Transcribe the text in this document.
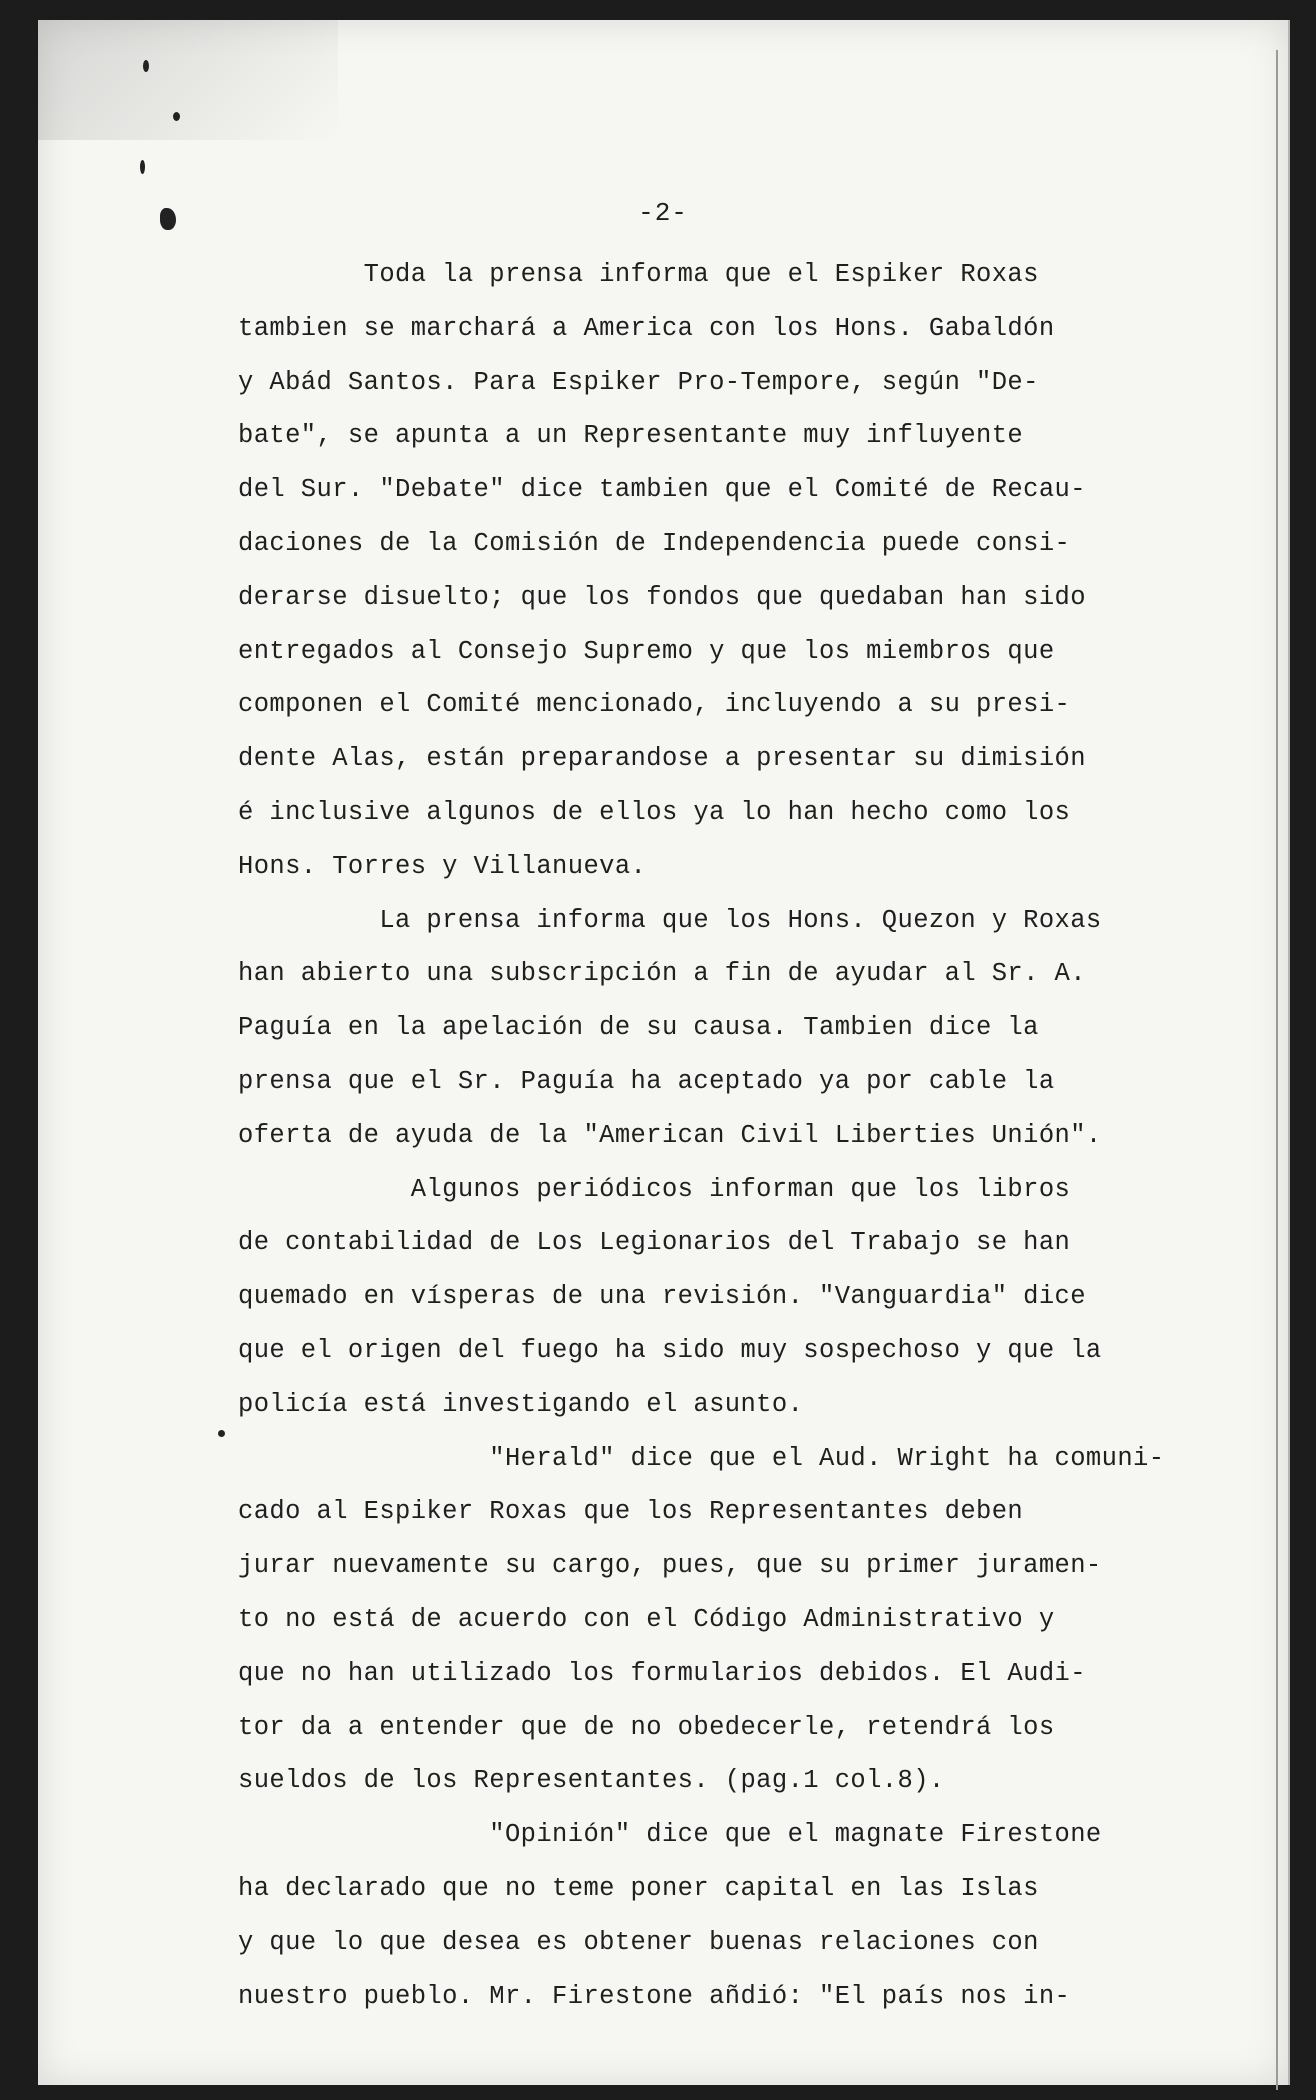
-2-
Toda la prensa informa que el Espiker Roxas
tambien se marchará a America con los Hons. Gabaldón
y Abád Santos. Para Espiker Pro-Tempore, según "De-
bate", se apunta a un Representante muy influyente
del Sur. "Debate" dice tambien que el Comité de Recau-
daciones de la Comisión de Independencia puede consi-
derarse disuelto; que los fondos que quedaban han sido
entregados al Consejo Supremo y que los miembros que
componen el Comité mencionado, incluyendo a su presi-
dente Alas, están preparandose a presentar su dimisión
é inclusive algunos de ellos ya lo han hecho como los
Hons. Torres y Villanueva.
La prensa informa que los Hons. Quezon y Roxas
han abierto una subscripción a fin de ayudar al Sr. A.
Paguía en la apelación de su causa. Tambien dice la
prensa que el Sr. Paguía ha aceptado ya por cable la
oferta de ayuda de la "American Civil Liberties Unión".
Algunos periódicos informan que los libros
de contabilidad de Los Legionarios del Trabajo se han
quemado en vísperas de una revisión. "Vanguardia" dice
que el origen del fuego ha sido muy sospechoso y que la
policía está investigando el asunto.
"Herald" dice que el Aud. Wright ha comuni-
cado al Espiker Roxas que los Representantes deben
jurar nuevamente su cargo, pues, que su primer juramen-
to no está de acuerdo con el Código Administrativo y
que no han utilizado los formularios debidos. El Audi-
tor da a entender que de no obedecerle, retendrá los
sueldos de los Representantes. (pag.1 col.8).
"Opinión" dice que el magnate Firestone
ha declarado que no teme poner capital en las Islas
y que lo que desea es obtener buenas relaciones con
nuestro pueblo. Mr. Firestone añdió: "El país nos in-
